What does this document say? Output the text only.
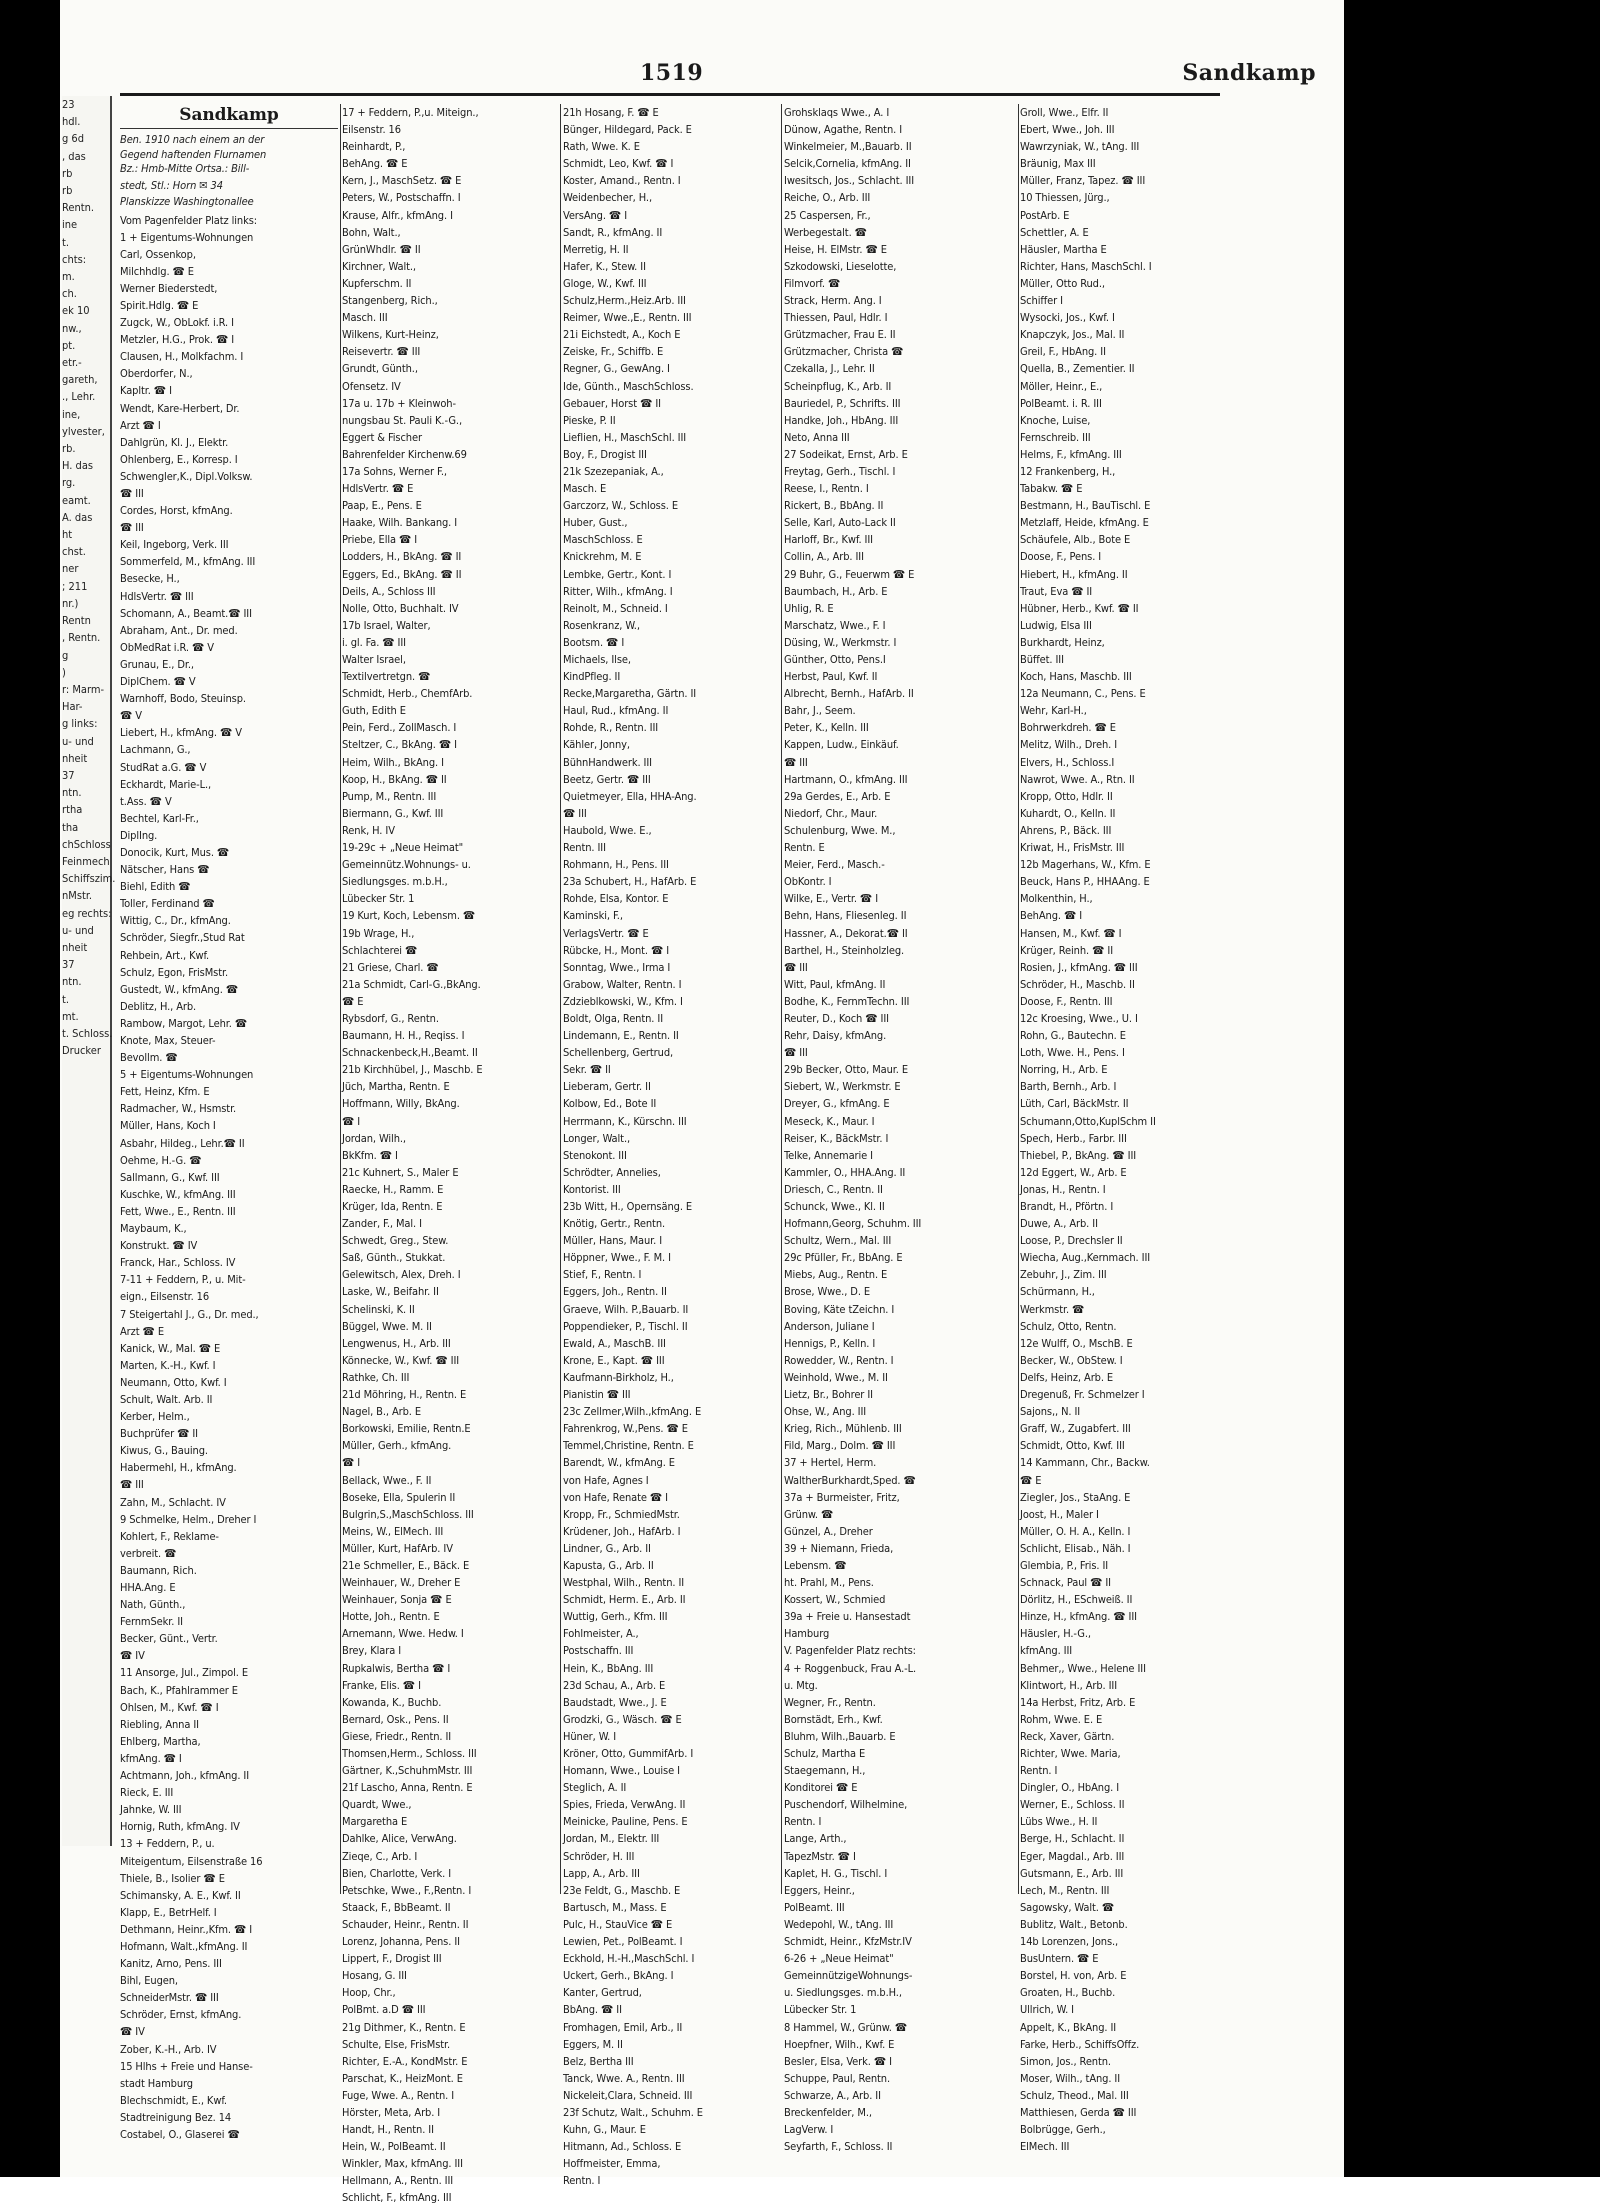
23
hdl.
g 6d
, das
rb
rb
Rentn.
ine
t.
chts:
m.
ch.
ek 10
nw.,
pt.
etr.-
gareth,
., Lehr.
ine,
ylvester,
rb.
H. das
rg.
eamt.
A. das
ht
chst.
ner
; 211
nr.)
Rentn
, Rentn.
g
)
r: Marm-
Har-
g links:
u- und
nheit
37
ntn.
rtha
tha
chSchloss
Feinmech
Schiffszim.
nMstr.
eg rechts:
u- und
nheit
37
ntn.
t.
mt.
t. Schloss.
Drucker
1519	Sandkamp
Sandkamp
Ben. 1910 nach einem an der
Gegend haftenden Flurnamen
Bz.: Hmb-Mitte Ortsa.: Bill-
stedt, Stl.: Horn ✉ 34
Planskizze Washingtonallee
Vom Pagenfelder Platz links:
1 + Eigentums-Wohnungen
Carl, Ossenkop,
Milchhdlg. ☎ E
Werner Biederstedt,
Spirit.Hdlg. ☎ E
Zugck, W., ObLokf. i.R. I
Metzler, H.G., Prok. ☎ I
Clausen, H., Molkfachm. I
Oberdorfer, N.,
Kapltr. ☎ I
Wendt, Kare-Herbert, Dr.
Arzt ☎ I
Dahlgrün, Kl. J., Elektr.
Ohlenberg, E., Korresp. I
Schwengler,K., Dipl.Volksw.
☎ III
Cordes, Horst, kfmAng.
☎ III
Keil, Ingeborg, Verk. III
Sommerfeld, M., kfmAng. III
Besecke, H.,
HdlsVertr. ☎ III
Schomann, A., Beamt.☎ III
Abraham, Ant., Dr. med.
ObMedRat i.R. ☎ V
Grunau, E., Dr.,
DiplChem. ☎ V
Warnhoff, Bodo, Steuinsp.
☎ V
Liebert, H., kfmAng. ☎ V
Lachmann, G.,
StudRat a.G. ☎ V
Eckhardt, Marie-L.,
t.Ass. ☎ V
Bechtel, Karl-Fr.,
DiplIng.
Donocik, Kurt, Mus. ☎
Nätscher, Hans ☎
Biehl, Edith ☎
Toller, Ferdinand ☎
Wittig, C., Dr., kfmAng.
Schröder, Siegfr.,Stud Rat
Rehbein, Art., Kwf.
Schulz, Egon, FrisMstr.
Gustedt, W., kfmAng. ☎
Deblitz, H., Arb.
Rambow, Margot, Lehr. ☎
Knote, Max, Steuer-
Bevollm. ☎
5 + Eigentums-Wohnungen
Fett, Heinz, Kfm. E
Radmacher, W., Hsmstr.
Müller, Hans, Koch I
Asbahr, Hildeg., Lehr.☎ II
Oehme, H.-G. ☎
Sallmann, G., Kwf. III
Kuschke, W., kfmAng. III
Fett, Wwe., E., Rentn. III
Maybaum, K.,
Konstrukt. ☎ IV
Franck, Har., Schloss. IV
7-11 + Feddern, P., u. Mit-
eign., Eilsenstr. 16
7 Steigertahl J., G., Dr. med.,
Arzt ☎ E
Kanick, W., Mal. ☎ E
Marten, K.-H., Kwf. I
Neumann, Otto, Kwf. I
Schult, Walt. Arb. II
Kerber, Helm.,
Buchprüfer ☎ II
Kiwus, G., Bauing.
Habermehl, H., kfmAng.
☎ III
Zahn, M., Schlacht. IV
9 Schmelke, Helm., Dreher I
Kohlert, F., Reklame-
verbreit. ☎
Baumann, Rich.
HHA.Ang. E
Nath, Günth.,
FernmSekr. II
Becker, Günt., Vertr.
☎ IV
11 Ansorge, Jul., Zimpol. E
Bach, K., Pfahlrammer E
Ohlsen, M., Kwf. ☎ I
Riebling, Anna II
Ehlberg, Martha,
kfmAng. ☎ I
Achtmann, Joh., kfmAng. II
Rieck, E. III
Jahnke, W. III
Hornig, Ruth, kfmAng. IV
13 + Feddern, P., u.
Miteigentum, Eilsenstraße 16
Thiele, B., Isolier ☎ E
Schimansky, A. E., Kwf. II
Klapp, E., BetrHelf. I
Dethmann, Heinr.,Kfm. ☎ I
Hofmann, Walt.,kfmAng. II
Kanitz, Arno, Pens. III
Bihl, Eugen,
SchneiderMstr. ☎ III
Schröder, Ernst, kfmAng.
☎ IV
Zober, K.-H., Arb. IV
15 Hlhs + Freie und Hanse-
stadt Hamburg
Blechschmidt, E., Kwf.
Stadtreinigung Bez. 14
Costabel, O., Glaserei ☎
17 + Feddern, P.,u. Miteign.,
Eilsenstr. 16
Reinhardt, P.,
BehAng. ☎ E
Kern, J., MaschSetz. ☎ E
Peters, W., Postschaffn. I
Krause, Alfr., kfmAng. I
Bohn, Walt.,
GrünWhdlr. ☎ II
Kirchner, Walt.,
Kupferschm. II
Stangenberg, Rich.,
Masch. III
Wilkens, Kurt-Heinz,
Reisevertr. ☎ III
Grundt, Günth.,
Ofensetz. IV
17a u. 17b + Kleinwoh-
nungsbau St. Pauli K.-G.,
Eggert & Fischer
Bahrenfelder Kirchenw.69
17a Sohns, Werner F.,
HdlsVertr. ☎ E
Paap, E., Pens. E
Haake, Wilh. Bankang. I
Priebe, Ella ☎ I
Lodders, H., BkAng. ☎ II
Eggers, Ed., BkAng. ☎ II
Deils, A., Schloss III
Nolle, Otto, Buchhalt. IV
17b Israel, Walter,
i. gl. Fa. ☎ III
Walter Israel,
Textilvertretgn. ☎
Schmidt, Herb., ChemfArb.
Guth, Edith E
Pein, Ferd., ZollMasch. I
Steltzer, C., BkAng. ☎ I
Heim, Wilh., BkAng. I
Koop, H., BkAng. ☎ II
Pump, M., Rentn. III
Biermann, G., Kwf. III
Renk, H. IV
19-29c + „Neue Heimat"
Gemeinnütz.Wohnungs- u.
Siedlungsges. m.b.H.,
Lübecker Str. 1
19 Kurt, Koch, Lebensm. ☎
19b Wrage, H.,
Schlachterei ☎
21 Griese, Charl. ☎
21a Schmidt, Carl-G.,BkAng.
☎ E
Rybsdorf, G., Rentn.
Baumann, H. H., Reqiss. I
Schnackenbeck,H.,Beamt. II
21b Kirchhübel, J., Maschb. E
Jüch, Martha, Rentn. E
Hoffmann, Willy, BkAng.
☎ I
Jordan, Wilh.,
BkKfm. ☎ I
21c Kuhnert, S., Maler E
Raecke, H., Ramm. E
Krüger, Ida, Rentn. E
Zander, F., Mal. I
Schwedt, Greg., Stew.
Saß, Günth., Stukkat.
Gelewitsch, Alex, Dreh. I
Laske, W., Beifahr. II
Schelinski, K. II
Büggel, Wwe. M. II
Lengwenus, H., Arb. III
Könnecke, W., Kwf. ☎ III
Rathke, Ch. III
21d Möhring, H., Rentn. E
Nagel, B., Arb. E
Borkowski, Emilie, Rentn.E
Müller, Gerh., kfmAng.
☎ I
Bellack, Wwe., F. II
Boseke, Ella, Spulerin II
Bulgrin,S.,MaschSchloss. III
Meins, W., ElMech. III
Müller, Kurt, HafArb. IV
21e Schmeller, E., Bäck. E
Weinhauer, W., Dreher E
Weinhauer, Sonja ☎ E
Hotte, Joh., Rentn. E
Arnemann, Wwe. Hedw. I
Brey, Klara I
Rupkalwis, Bertha ☎ I
Franke, Elis. ☎ I
Kowanda, K., Buchb.
Bernard, Osk., Pens. II
Giese, Friedr., Rentn. II
Thomsen,Herm., Schloss. III
Gärtner, K.,SchuhmMstr. III
21f Lascho, Anna, Rentn. E
Quardt, Wwe.,
Margaretha E
Dahlke, Alice, VerwAng.
Zieqe, C., Arb. I
Bien, Charlotte, Verk. I
Petschke, Wwe., F.,Rentn. I
Staack, F., BbBeamt. II
Schauder, Heinr., Rentn. II
Lorenz, Johanna, Pens. II
Lippert, F., Drogist III
Hosang, G. III
Hoop, Chr.,
PolBmt. a.D ☎ III
21g Dithmer, K., Rentn. E
Schulte, Else, FrisMstr.
Richter, E.-A., KondMstr. E
Parschat, K., HeizMont. E
Fuge, Wwe. A., Rentn. I
Hörster, Meta, Arb. I
Handt, H., Rentn. II
Hein, W., PolBeamt. II
Winkler, Max, kfmAng. III
Hellmann, A., Rentn. III
Schlicht, F., kfmAng. III
21h Hosang, F. ☎ E
Bünger, Hildegard, Pack. E
Rath, Wwe. K. E
Schmidt, Leo, Kwf. ☎ I
Koster, Amand., Rentn. I
Weidenbecher, H.,
VersAng. ☎ I
Sandt, R., kfmAng. II
Merretig, H. II
Hafer, K., Stew. II
Gloge, W., Kwf. III
Schulz,Herm.,Heiz.Arb. III
Reimer, Wwe.,E., Rentn. III
21i Eichstedt, A., Koch E
Zeiske, Fr., Schiffb. E
Regner, G., GewAng. I
Ide, Günth., MaschSchloss.
Gebauer, Horst ☎ II
Pieske, P. II
Lieflien, H., MaschSchl. III
Boy, F., Drogist III
21k Szezepaniak, A.,
Masch. E
Garczorz, W., Schloss. E
Huber, Gust.,
MaschSchloss. E
Knickrehm, M. E
Lembke, Gertr., Kont. I
Ritter, Wilh., kfmAng. I
Reinolt, M., Schneid. I
Rosenkranz, W.,
Bootsm. ☎ I
Michaels, Ilse,
KindPfleg. II
Recke,Margaretha, Gärtn. II
Haul, Rud., kfmAng. II
Rohde, R., Rentn. III
Kähler, Jonny,
BühnHandwerk. III
Beetz, Gertr. ☎ III
Quietmeyer, Ella, HHA-Ang.
☎ III
Haubold, Wwe. E.,
Rentn. III
Rohmann, H., Pens. III
23a Schubert, H., HafArb. E
Rohde, Elsa, Kontor. E
Kaminski, F.,
VerlagsVertr. ☎ E
Rübcke, H., Mont. ☎ I
Sonntag, Wwe., Irma I
Grabow, Walter, Rentn. I
Zdzieblkowski, W., Kfm. I
Boldt, Olga, Rentn. II
Lindemann, E., Rentn. II
Schellenberg, Gertrud,
Sekr. ☎ II
Lieberam, Gertr. II
Kolbow, Ed., Bote II
Herrmann, K., Kürschn. III
Longer, Walt.,
Stenokont. III
Schrödter, Annelies,
Kontorist. III
23b Witt, H., Opernsäng. E
Knötig, Gertr., Rentn.
Müller, Hans, Maur. I
Höppner, Wwe., F. M. I
Stief, F., Rentn. I
Eggers, Joh., Rentn. II
Graeve, Wilh. P.,Bauarb. II
Poppendieker, P., Tischl. II
Ewald, A., MaschB. III
Krone, E., Kapt. ☎ III
Kaufmann-Birkholz, H.,
Pianistin ☎ III
23c Zellmer,Wilh.,kfmAng. E
Fahrenkrog, W.,Pens. ☎ E
Temmel,Christine, Rentn. E
Barendt, W., kfmAng. E
von Hafe, Agnes I
von Hafe, Renate ☎ I
Kropp, Fr., SchmiedMstr.
Krüdener, Joh., HafArb. I
Lindner, G., Arb. II
Kapusta, G., Arb. II
Westphal, Wilh., Rentn. II
Schmidt, Herm. E., Arb. II
Wuttig, Gerh., Kfm. III
Fohlmeister, A.,
Postschaffn. III
Hein, K., BbAng. III
23d Schau, A., Arb. E
Baudstadt, Wwe., J. E
Grodzki, G., Wäsch. ☎ E
Hüner, W. I
Kröner, Otto, GummifArb. I
Homann, Wwe., Louise I
Steglich, A. II
Spies, Frieda, VerwAng. II
Meinicke, Pauline, Pens. E
Jordan, M., Elektr. III
Schröder, H. III
Lapp, A., Arb. III
23e Feldt, G., Maschb. E
Bartusch, M., Mass. E
Pulc, H., StauVice ☎ E
Lewien, Pet., PolBeamt. I
Eckhold, H.-H.,MaschSchl. I
Uckert, Gerh., BkAng. I
Kanter, Gertrud,
BbAng. ☎ II
Fromhagen, Emil, Arb., II
Eggers, M. II
Belz, Bertha III
Tanck, Wwe. A., Rentn. III
Nickeleit,Clara, Schneid. III
23f Schutz, Walt., Schuhm. E
Kuhn, G., Maur. E
Hitmann, Ad., Schloss. E
Hoffmeister, Emma,
Rentn. I
Grohsklaqs Wwe., A. I
Dünow, Agathe, Rentn. I
Winkelmeier, M.,Bauarb. II
Selcik,Cornelia, kfmAng. II
Iwesitsch, Jos., Schlacht. III
Reiche, O., Arb. III
25 Caspersen, Fr.,
Werbegestalt. ☎
Heise, H. ElMstr. ☎ E
Szkodowski, Lieselotte,
Filmvorf. ☎
Strack, Herm. Ang. I
Thiessen, Paul, Hdlr. I
Grützmacher, Frau E. II
Grützmacher, Christa ☎
Czekalla, J., Lehr. II
Scheinpflug, K., Arb. II
Bauriedel, P., Schrifts. III
Handke, Joh., HbAng. III
Neto, Anna III
27 Sodeikat, Ernst, Arb. E
Freytag, Gerh., Tischl. I
Reese, I., Rentn. I
Rickert, B., BbAng. II
Selle, Karl, Auto-Lack II
Harloff, Br., Kwf. III
Collin, A., Arb. III
29 Buhr, G., Feuerwm ☎ E
Baumbach, H., Arb. E
Uhlig, R. E
Marschatz, Wwe., F. I
Düsing, W., Werkmstr. I
Günther, Otto, Pens.I
Herbst, Paul, Kwf. II
Albrecht, Bernh., HafArb. II
Bahr, J., Seem.
Peter, K., Kelln. III
Kappen, Ludw., Einkäuf.
☎ III
Hartmann, O., kfmAng. III
29a Gerdes, E., Arb. E
Niedorf, Chr., Maur.
Schulenburg, Wwe. M.,
Rentn. E
Meier, Ferd., Masch.-
ObKontr. I
Wilke, E., Vertr. ☎ I
Behn, Hans, Fliesenleg. II
Hassner, A., Dekorat.☎ II
Barthel, H., Steinholzleg.
☎ III
Witt, Paul, kfmAng. II
Bodhe, K., FernmTechn. III
Reuter, D., Koch ☎ III
Rehr, Daisy, kfmAng.
☎ III
29b Becker, Otto, Maur. E
Siebert, W., Werkmstr. E
Dreyer, G., kfmAng. E
Meseck, K., Maur. I
Reiser, K., BäckMstr. I
Telke, Annemarie I
Kammler, O., HHA.Ang. II
Driesch, C., Rentn. II
Schunck, Wwe., Kl. II
Hofmann,Georg, Schuhm. III
Schultz, Wern., Mal. III
29c Pfüller, Fr., BbAng. E
Miebs, Aug., Rentn. E
Brose, Wwe., D. E
Boving, Käte tZeichn. I
Anderson, Juliane I
Hennigs, P., Kelln. I
Rowedder, W., Rentn. I
Weinhold, Wwe., M. II
Lietz, Br., Bohrer II
Ohse, W., Ang. III
Krieg, Rich., Mühlenb. III
Fild, Marg., Dolm. ☎ III
37 + Hertel, Herm.
WaltherBurkhardt,Sped. ☎
37a + Burmeister, Fritz,
Grünw. ☎
Günzel, A., Dreher
39 + Niemann, Frieda,
Lebensm. ☎
ht. Prahl, M., Pens.
Kossert, W., Schmied
39a + Freie u. Hansestadt
Hamburg
V. Pagenfelder Platz rechts:
4 + Roggenbuck, Frau A.-L.
u. Mtg.
Wegner, Fr., Rentn.
Bornstädt, Erh., Kwf.
Bluhm, Wilh.,Bauarb. E
Schulz, Martha E
Staegemann, H.,
Konditorei ☎ E
Puschendorf, Wilhelmine,
Rentn. I
Lange, Arth.,
TapezMstr. ☎ I
Kaplet, H. G., Tischl. I
Eggers, Heinr.,
PolBeamt. III
Wedepohl, W., tAng. III
Schmidt, Heinr., KfzMstr.IV
6-26 + „Neue Heimat"
GemeinnützigeWohnungs-
u. Siedlungsges. m.b.H.,
Lübecker Str. 1
8 Hammel, W., Grünw. ☎
Hoepfner, Wilh., Kwf. E
Besler, Elsa, Verk. ☎ I
Schuppe, Paul, Rentn.
Schwarze, A., Arb. II
Breckenfelder, M.,
LagVerw. I
Seyfarth, F., Schloss. II
Groll, Wwe., Elfr. II
Ebert, Wwe., Joh. III
Wawrzyniak, W., tAng. III
Bräunig, Max III
Müller, Franz, Tapez. ☎ III
10 Thiessen, Jürg.,
PostArb. E
Schettler, A. E
Häusler, Martha E
Richter, Hans, MaschSchl. I
Müller, Otto Rud.,
Schiffer I
Wysocki, Jos., Kwf. I
Knapczyk, Jos., Mal. II
Greil, F., HbAng. II
Quella, B., Zementier. II
Möller, Heinr., E.,
PolBeamt. i. R. III
Knoche, Luise,
Fernschreib. III
Helms, F., kfmAng. III
12 Frankenberg, H.,
Tabakw. ☎ E
Bestmann, H., BauTischl. E
Metzlaff, Heide, kfmAng. E
Schäufele, Alb., Bote E
Doose, F., Pens. I
Hiebert, H., kfmAng. II
Traut, Eva ☎ II
Hübner, Herb., Kwf. ☎ II
Ludwig, Elsa III
Burkhardt, Heinz,
Büffet. III
Koch, Hans, Maschb. III
12a Neumann, C., Pens. E
Wehr, Karl-H.,
Bohrwerkdreh. ☎ E
Melitz, Wilh., Dreh. I
Elvers, H., Schloss.I
Nawrot, Wwe. A., Rtn. II
Kropp, Otto, Hdlr. II
Kuhardt, O., Kelln. II
Ahrens, P., Bäck. III
Kriwat, H., FrisMstr. III
12b Magerhans, W., Kfm. E
Beuck, Hans P., HHAAng. E
Molkenthin, H.,
BehAng. ☎ I
Hansen, M., Kwf. ☎ I
Krüger, Reinh. ☎ II
Rosien, J., kfmAng. ☎ III
Schröder, H., Maschb. II
Doose, F., Rentn. III
12c Kroesing, Wwe., U. I
Rohn, G., Bautechn. E
Loth, Wwe. H., Pens. I
Norring, H., Arb. E
Barth, Bernh., Arb. I
Lüth, Carl, BäckMstr. II
Schumann,Otto,KuplSchm II
Spech, Herb., Farbr. III
Thiebel, P., BkAng. ☎ III
12d Eggert, W., Arb. E
Jonas, H., Rentn. I
Brandt, H., Pförtn. I
Duwe, A., Arb. II
Loose, P., Drechsler II
Wiecha, Aug.,Kernmach. III
Zebuhr, J., Zim. III
Schürmann, H.,
Werkmstr. ☎
Schulz, Otto, Rentn.
12e Wulff, O., MschB. E
Becker, W., ObStew. I
Delfs, Heinz, Arb. E
Dregenuß, Fr. Schmelzer I
Sajons,, N. II
Graff, W., Zugabfert. III
Schmidt, Otto, Kwf. III
14 Kammann, Chr., Backw.
☎ E
Ziegler, Jos., StaAng. E
Joost, H., Maler I
Müller, O. H. A., Kelln. I
Schlicht, Elisab., Näh. I
Glembia, P., Fris. II
Schnack, Paul ☎ II
Dörlitz, H., ESchweiß. II
Hinze, H., kfmAng. ☎ III
Häusler, H.-G.,
kfmAng. III
Behmer,, Wwe., Helene III
Klintwort, H., Arb. III
14a Herbst, Fritz, Arb. E
Rohm, Wwe. E. E
Reck, Xaver, Gärtn.
Richter, Wwe. Maria,
Rentn. I
Dingler, O., HbAng. I
Werner, E., Schloss. II
Lübs Wwe., H. II
Berge, H., Schlacht. II
Eger, Magdal., Arb. III
Gutsmann, E., Arb. III
Lech, M., Rentn. III
Sagowsky, Walt. ☎
Bublitz, Walt., Betonb.
14b Lorenzen, Jons.,
BusUntern. ☎ E
Borstel, H. von, Arb. E
Groaten, H., Buchb.
Ullrich, W. I
Appelt, K., BkAng. II
Farke, Herb., SchiffsOffz.
Simon, Jos., Rentn.
Moser, Wilh., tAng. II
Schulz, Theod., Mal. III
Matthiesen, Gerda ☎ III
Bolbrügge, Gerh.,
ElMech. III
